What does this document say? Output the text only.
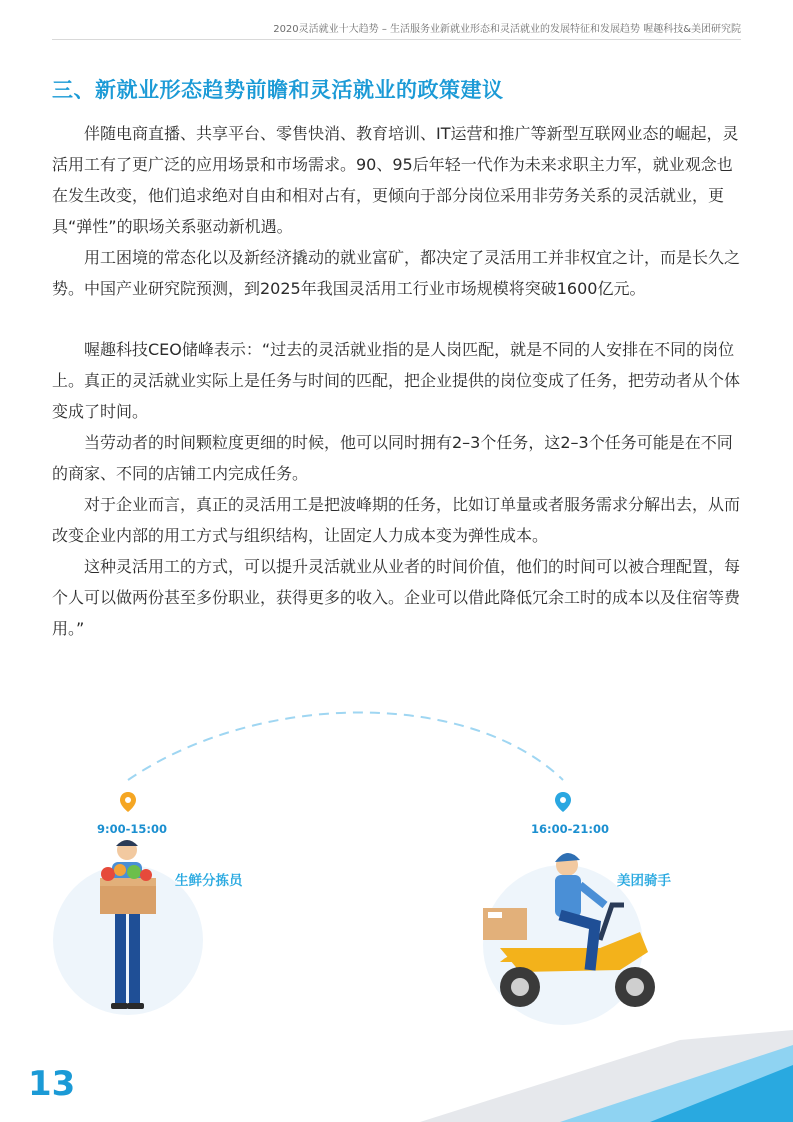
2020灵活就业十大趋势 – 生活服务业新就业形态和灵活就业的发展特征和发展趋势 喔趣科技&美团研究院
三、新就业形态趋势前瞻和灵活就业的政策建议

伴随电商直播、共享平台、零售快消、教育培训、IT运营和推广等新型互联网业态的崛起，灵活用工有了更广泛的应用场景和市场需求。90、95后年轻一代作为未来求职主力军，就业观念也在发生改变，他们追求绝对自由和相对占有，更倾向于部分岗位采用非劳务关系的灵活就业，更具“弹性”的职场关系驱动新机遇。

用工困境的常态化以及新经济撬动的就业富矿，都决定了灵活用工并非权宜之计，而是长久之势。中国产业研究院预测，到2025年我国灵活用工行业市场规模将突破1600亿元。

喔趣科技CEO储峰表示：“过去的灵活就业指的是人岗匹配，就是不同的人安排在不同的岗位上。真正的灵活就业实际上是任务与时间的匹配，把企业提供的岗位变成了任务，把劳动者从个体变成了时间。

当劳动者的时间颗粒度更细的时候，他可以同时拥有2–3个任务，这2–3个任务可能是在不同的商家、不同的店铺工内完成任务。

对于企业而言，真正的灵活用工是把波峰期的任务，比如订单量或者服务需求分解出去，从而改变企业内部的用工方式与组织结构，让固定人力成本变为弹性成本。

这种灵活用工的方式，可以提升灵活就业从业者的时间价值，他们的时间可以被合理配置，每个人可以做两份甚至多份职业，获得更多的收入。企业可以借此降低冗余工时的成本以及住宿等费用。”

9:00-15:00	16:00-21:00
生鲜分拣员	美团骑手
13
